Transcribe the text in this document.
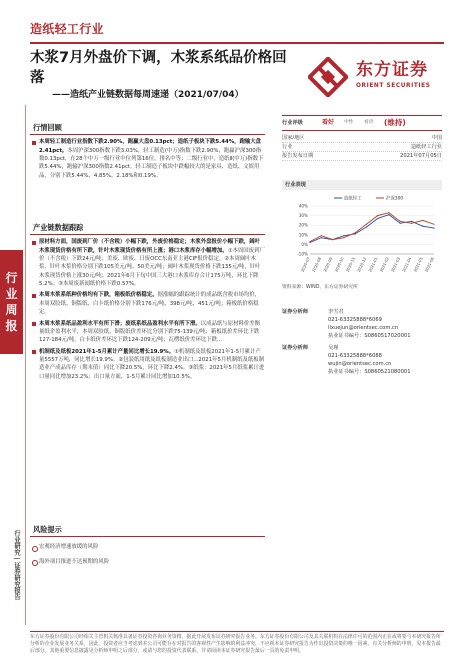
造纸轻工行业
木浆7月外盘价下调，木浆系纸品价格回落
——造纸产业链数据每周速递（2021/07/04）
东方证券
ORIENT SECURITIES
行
业
周
报
行业研究 | 证券研究报告
行情回顾
本周轻工制造行业指数下跌2.90%，跑赢大盘0.13pct；造纸子板块下跌5.44%，跑输大盘2.41pct。本周沪深300指数下跌3.03%，轻工制造(中万)指数下跌2.90%，跑赢沪深300指数0.13pct，在28个中万一级行业中位列第16位，排名中等；二级行业中，造纸Ⅱ(中万)指数下跌5.44%，跑输沪深300指数2.41pct。轻工制造子板块中跌幅较大的是家具、造纸、文娱用品，分别下跌5.44%、4.85%、2.18%和0.19%。
产业链数据跟踪
原材料方面，国废到厂价（不含税）小幅下跌，外废价格稳定；木浆外盘报价小幅下跌，阔叶木浆现货价格有所下跌，针叶木浆现货价格有所上涨；港口木浆库存小幅增加。①本周国废到厂价（不含税）下跌24元/吨；美废、欧废、日废OCC东南亚主港CIF报价稳定。②本周阔叶木浆、针叶木浆价格分别下跌105美元/吨、50美元/吨；阔叶木浆现货价格下跌135元/吨，针叶木浆现货价格上涨30元/吨；2021年6月下旬中国三大港口木浆库存合计175万吨，环比下降5.2%；③本周废新闻纸价格下跌0.57%。
本周木浆系纸种价格均有下跌，箱板纸价格稳定。据涨幅的跟踪统计的成品纸含税市场均价，本周双胶纸、铜版纸、白卡纸价格分别下跌176元/吨、398元/吨、451元/吨；箱板纸价格稳定。
本周木浆系纸品盈利水平有所下滑；废纸系纸品盈利水平有所下滑。以成品纸与原材料价差衡量纸企盈利水平，本周双胶纸、铜版纸价差环比分别下跌75-139元/吨；箱板纸价差环比下跌127-184元/吨，白卡纸价差环比下跌124-209元/吨；瓦楞纸价差环比下跌...
机制纸及纸板2021年1-5月累计产量同比增长19.9%。①机制纸及纸板2021年1-5月累计产量5557万吨，同比增长19.9%。②包装纸用纸及纸板制造业出口...2021年5月机制纸及纸板制造业产成品库存（期末值）同比下降20.5%，环比下降2.4%。③纸浆：2021年5月纸浆累计进口量同比增加23.2%；出口量方面，1-5月累计同比增加10.5%。
风险提示
宏观经济增速放缓的风险
海外项目推进不达预期的风险
行业评级	看好	中性	看淡	(维持)
国家/地区	中国
行业	造纸轻工行业
报告发布日期	2021年07月05日
行业表现
40%
30%
20%
10%
0%
-10%
2020-07 2020-08 2020-09 2020-10 2020-11 2020-12 2021-01 2021-02 2021-03 2021-04 2021-05 2021-06
造纸轻工	沪深300
资料来源：WIND、东方证券研究所
证券分析师	李雪君
021-63325888*6069
lixuejun@orientsec.com.cn
执业证书编号：S0860517020001
证券分析师	吴瑾
021-63325888*6088
wujin@orientsec.com.cn
执业证书编号：S0860521080001
东方证券股份有限公司经相关主管机关核准具备证券投资咨询业务资格，据此开展发布证券研究报告业务。东方证券股份有限公司及其关联机构在法律许可的范围内正在或将要与本研究报告所分析的企业发展业务关系，因此，投资者应当考虑到本公司可能存在对报告的客观性产生影响的利益冲突，不应视本证券研究报告为作出投资决策的唯一因素。有关分析师的申明，见本报告最后部分。其他重要信息披露见分析师申明之后部分，或请与您的投资代表联系。并请阅读本证券研究报告最后一页的免责申明。
